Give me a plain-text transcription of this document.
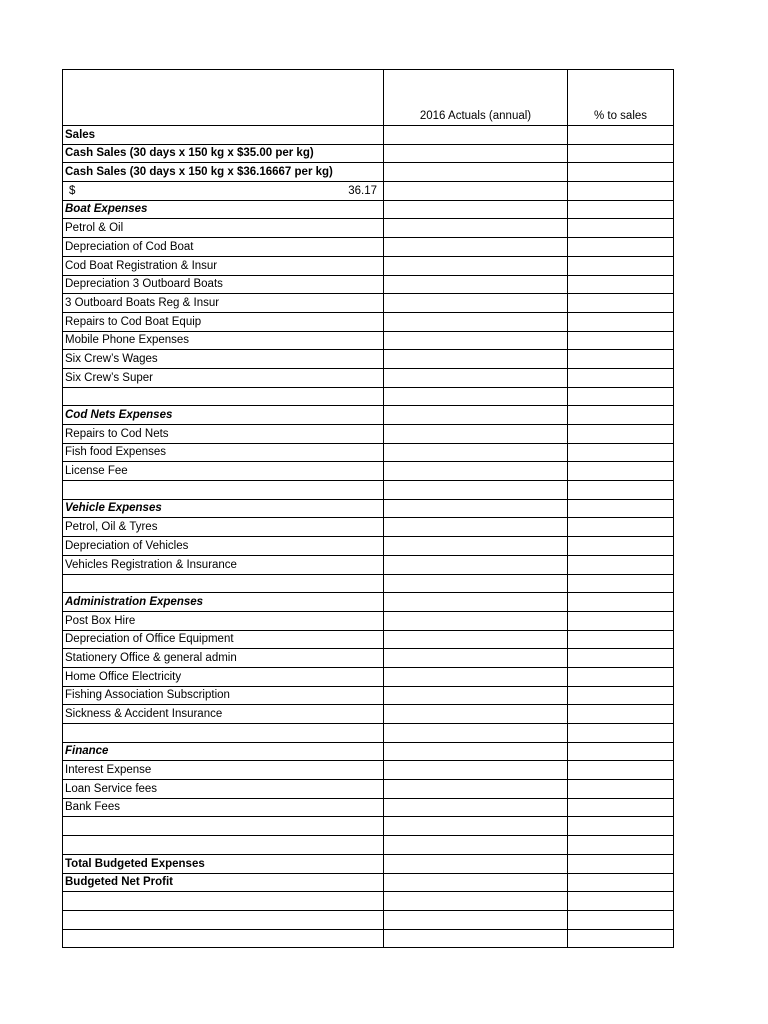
	2016 Actuals (annual)	% to sales
Sales		
Cash Sales (30 days x 150 kg x $35.00 per kg)		
Cash Sales (30 days x 150 kg x $36.16667 per kg)		

$ 36.17		

Boat Expenses		
Petrol & Oil		
Depreciation of Cod Boat		
Cod Boat Registration & Insur		
Depreciation 3 Outboard Boats		
3 Outboard Boats Reg & Insur		
Repairs to Cod Boat Equip		
Mobile Phone Expenses		
Six Crew’s Wages		
Six Crew’s Super		

Cod Nets Expenses		
Repairs to Cod Nets		
Fish food Expenses		
License Fee		

Vehicle Expenses		
Petrol, Oil & Tyres		
Depreciation of Vehicles		
Vehicles Registration & Insurance		

Administration Expenses		
Post Box Hire		
Depreciation of Office Equipment		
Stationery Office & general admin		
Home Office Electricity		
Fishing Association Subscription		
Sickness & Accident Insurance		

Finance		
Interest Expense		
Loan Service fees		
Bank Fees		

Total Budgeted Expenses		
Budgeted Net Profit		
